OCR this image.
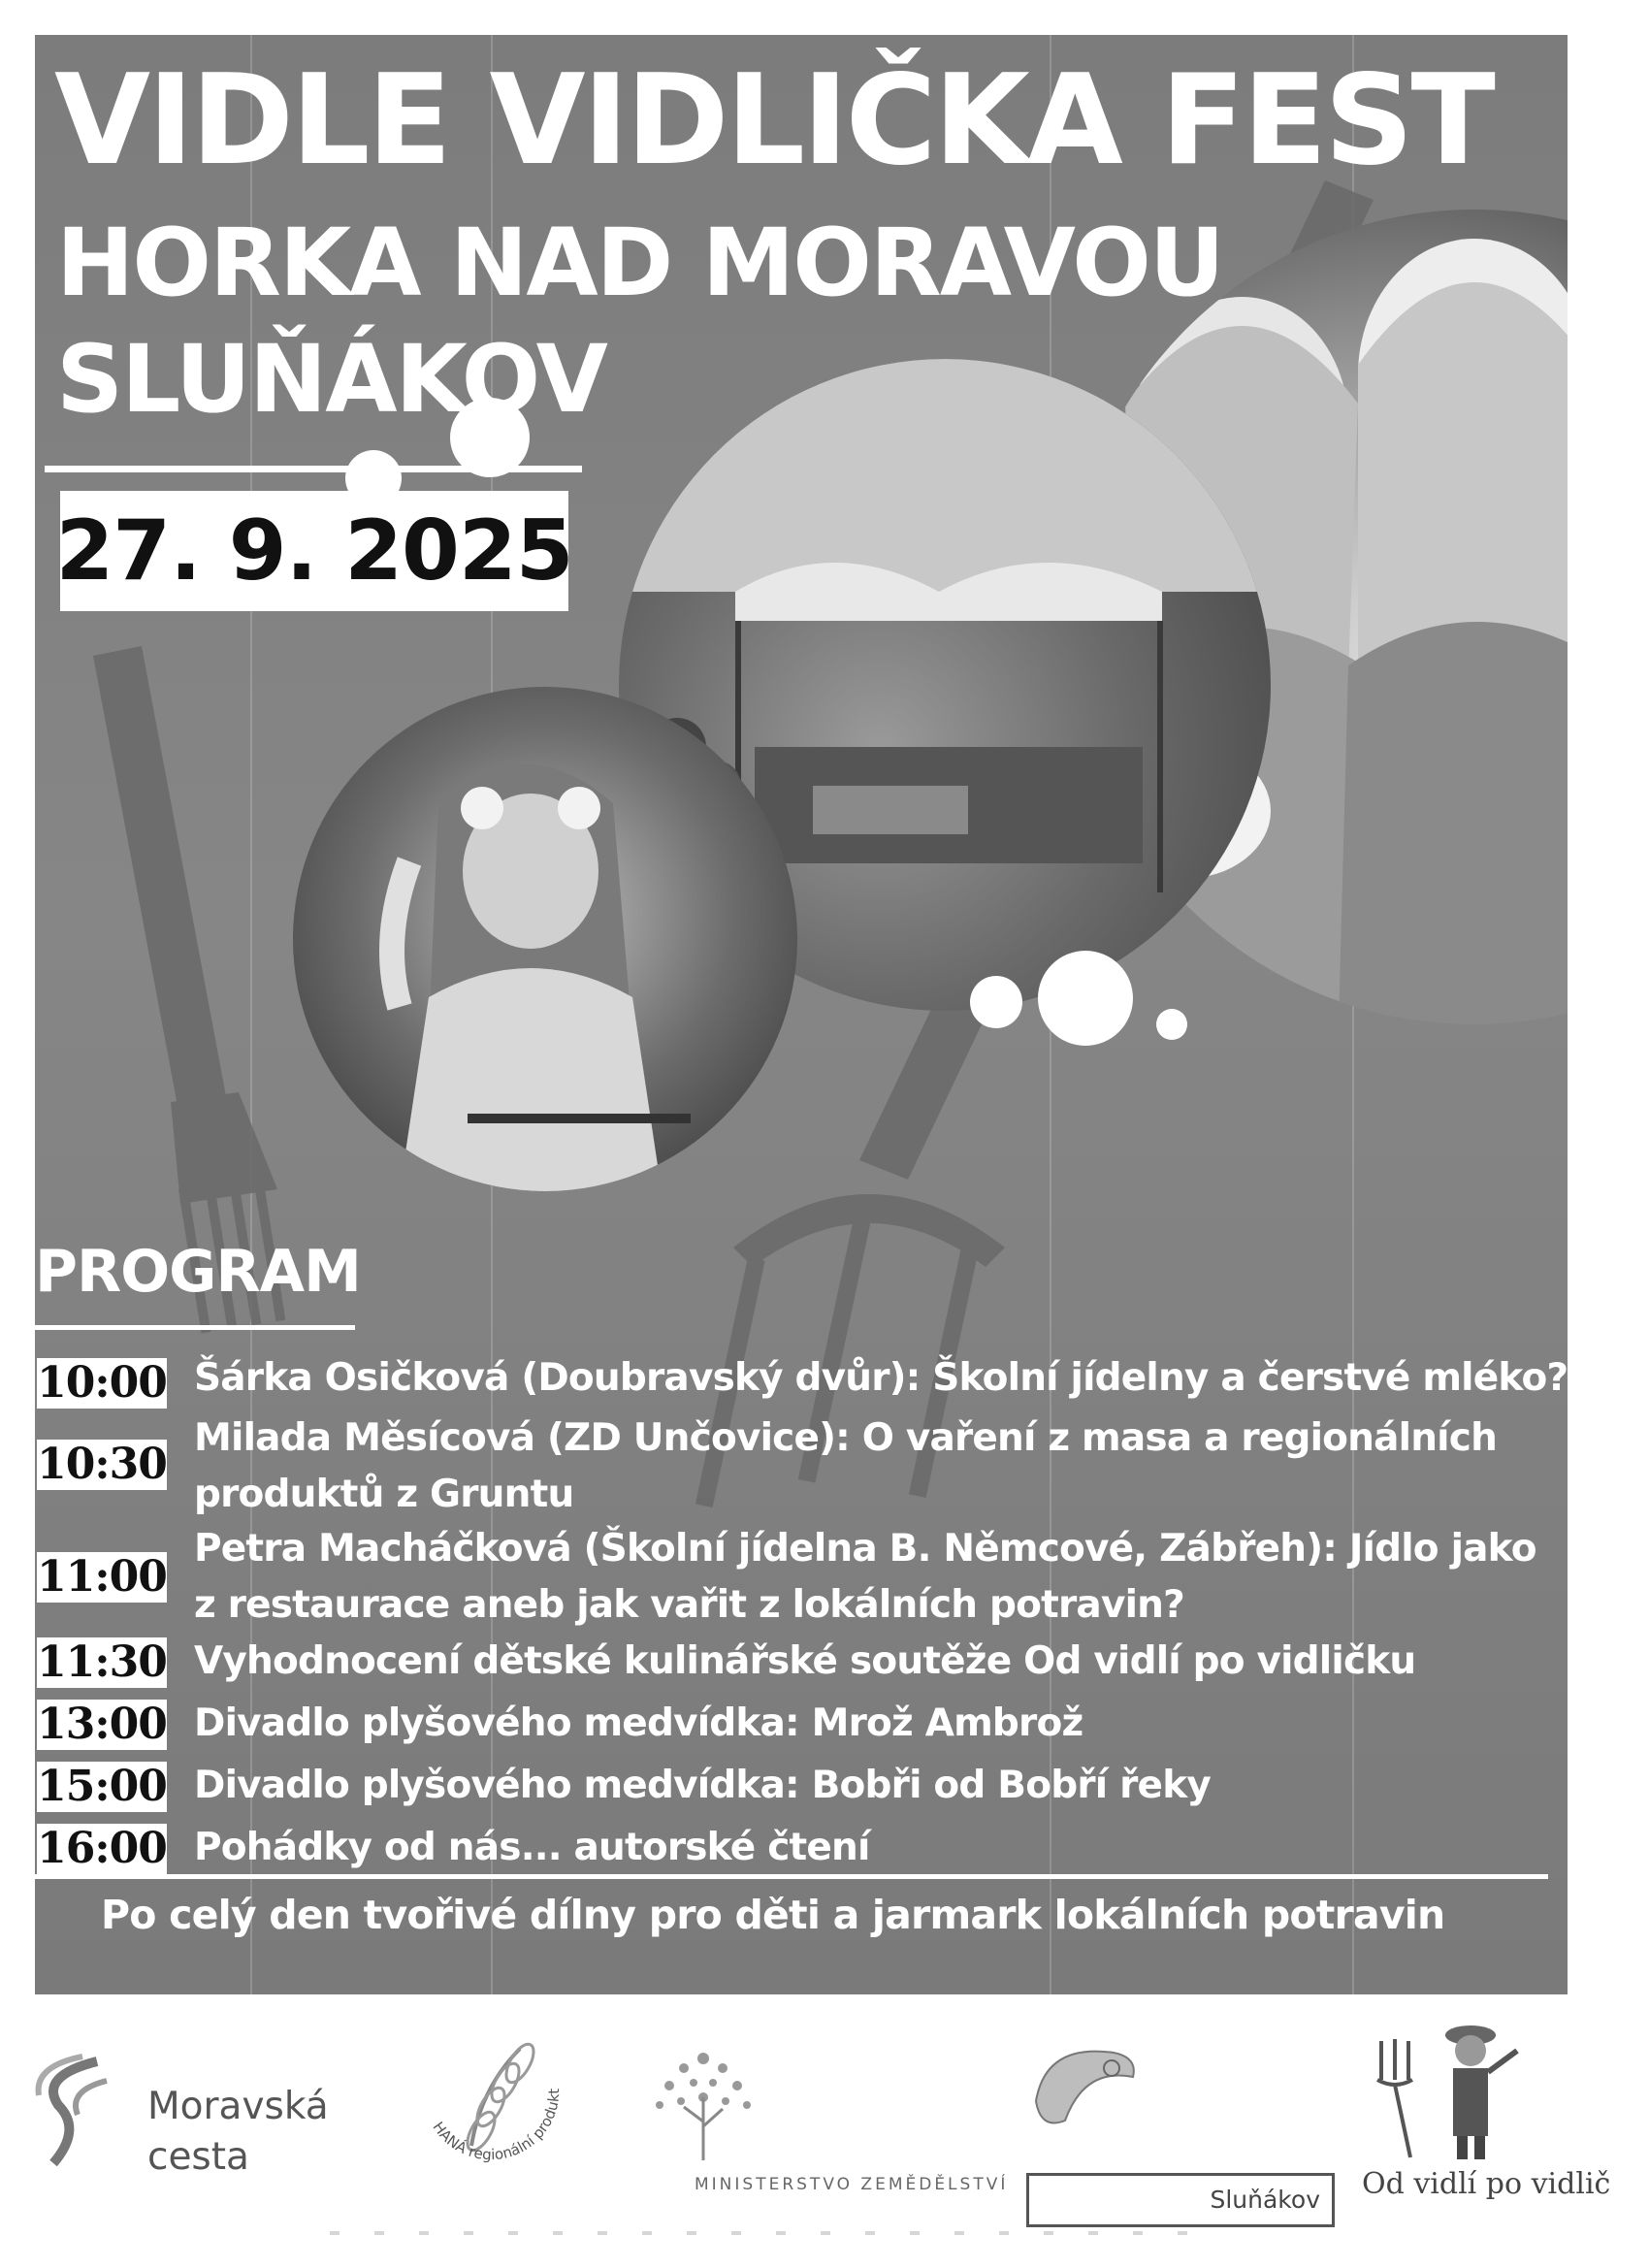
VIDLE VIDLIČKA FEST
HORKA NAD MORAVOU
SLUŇÁKOV
27. 9. 2025
PROGRAM
10:00 Šárka Osičková (Doubravský dvůr): Školní jídelny a čerstvé mléko?
10:30
Milada Měsícová (ZD Unčovice): O vaření z masa a regionálních
produktů z Gruntu
11:00
Petra Macháčková (Školní jídelna B. Němcové, Zábřeh): Jídlo jako
z restaurace aneb jak vařit z lokálních potravin?
11:30 Vyhodnocení dětské kulinářské soutěže Od vidlí po vidličku
13:00 Divadlo plyšového medvídka: Mrož Ambrož
15:00 Divadlo plyšového medvídka: Bobři od Bobří řeky
16:00 Pohádky od nás... autorské čtení
Po celý den tvořivé dílny pro děti a jarmark lokálních potravin
Moravská
cesta
HANÁ regionální produkt
MINISTERSTVO ZEMĚDĚLSTVÍ
Sluňákov	Od vidlí po vidlič
